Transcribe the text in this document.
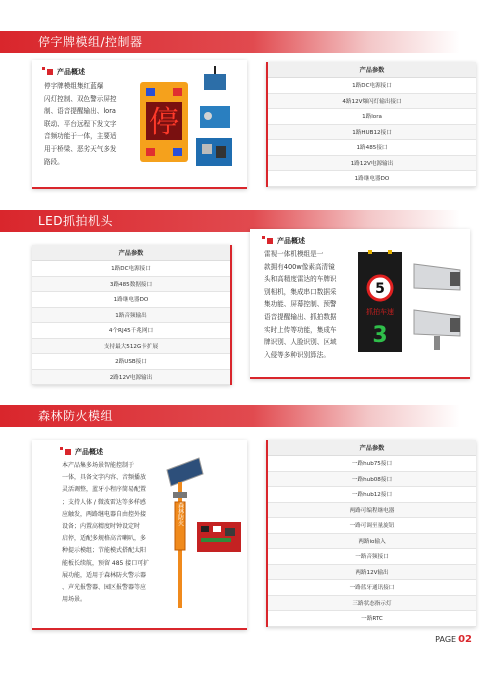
停字牌模组/控制器
产品概述
停字牌模组集红蓝爆
闪灯控制、双色警示屏控
制、语音提醒输出、lora
联动、平台远程下发文字
音频功能于一体，主要适
用于桥梁、恶劣天气多发
路段。
停
产品参数
1路DC电源接口
4路12V爆闪灯输出接口
1路lora
1路HUB12接口
1路485接口
1路12V电源输出
1路继电器DO
LED抓拍机头
产品参数
1路DC电源接口
3路485数据接口
1路继电器DO
1路音频输出
4个RJ45千兆网口
支持最大512G卡扩展
2路USB接口
2路12V电源输出
产品概述
雷视一体机模组是一
款拥有400w像素高清镜
头和高精度雷达的车牌识
别相机，集成串口数据采
集功能、屏幕控制、预警
语音提醒输出、抓拍数据
实时上传等功能，集成车
牌识别、人脸识别、区域
入侵等多种识别算法。
5
抓拍车速
3
森林防火模组
产品概述
本产品集多场景智能控制于
一体，具备文字内容、音频播放
灵活调整，蓝牙小程序简易配置
；支持人体 / 微波雷达等多样感
应触发，两路继电器自由控外接
设备；内置高精度时钟设定时
启停，适配多规格高音喇叭，多
种提示模组；节能模式搭配太阳
能板长续航，预留 485 接口可扩
展功能，适用于森林防火警示器
、声光报警器、园区报警器等应
用场景。
森林防火
产品参数
一路hub75接口
一路hub08接口
一路hub12接口
两路可编程继电器
一路可调至量旋钮
两路io输入
一路音频接口
两路12V输出
一路蓝牙通讯接口
三路状态指示灯
一路RTC
PAGE 02
